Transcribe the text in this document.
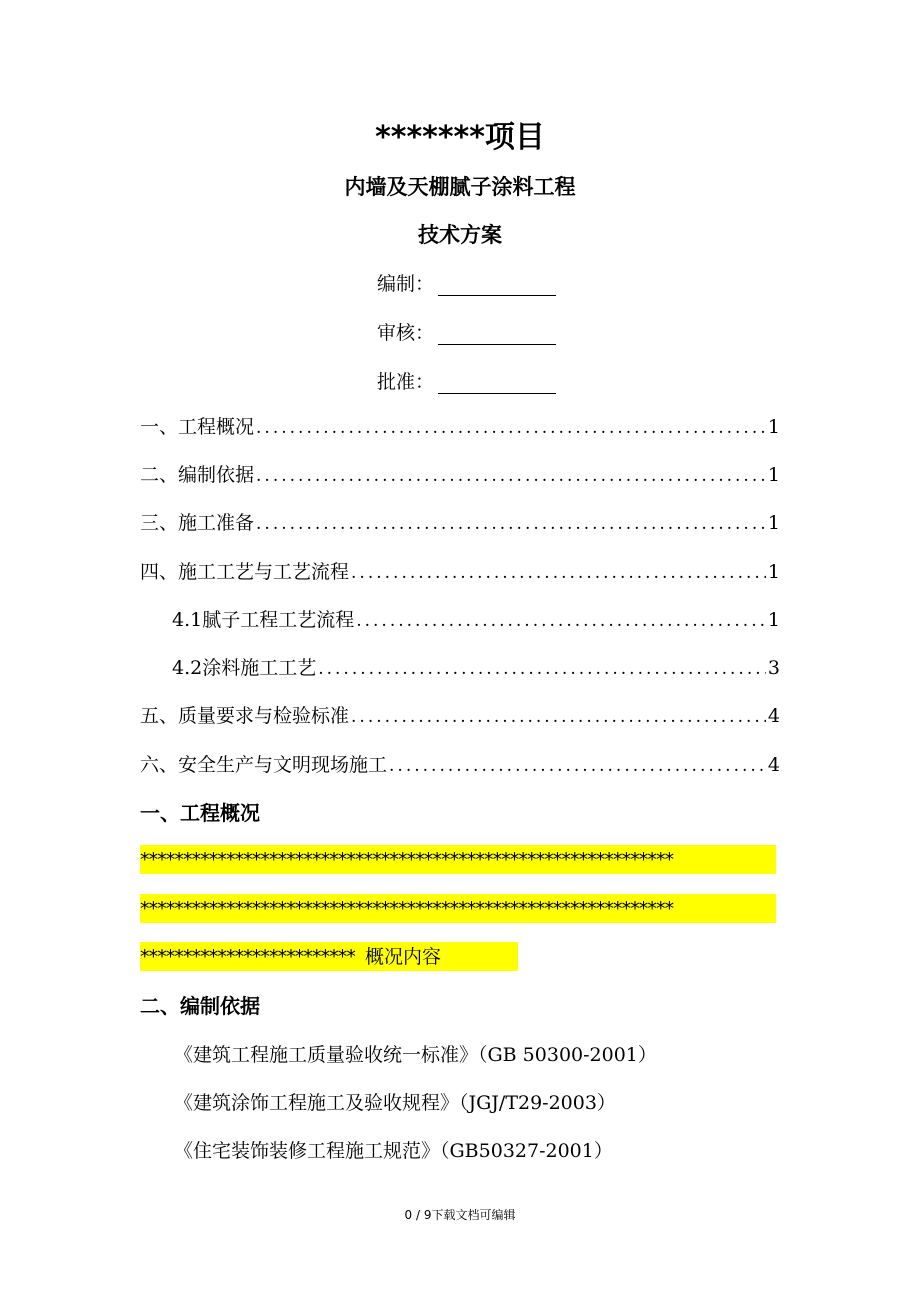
*******项目
内墙及天棚腻子涂料工程
技术方案
编制：
审核：
批准：
一、工程概况 .....	1
二、编制依据 .....	1
三、施工准备 .....	1
四、施工工艺与工艺流程 .....	1
4.1腻子工程工艺流程 .....	1
4.2涂料施工工艺 .....	3
五、质量要求与检验标准 .....	4
六、安全生产与文明现场施工 .....	4
一、工程概况
**************************************************************
**************************************************************
************************* 概况内容
二、编制依据
《建筑工程施工质量验收统一标准》（GB 50300-2001）
《建筑涂饰工程施工及验收规程》（JGJ/T29-2003）
《住宅装饰装修工程施工规范》（GB50327-2001）
0 / 9下载文档可编辑
